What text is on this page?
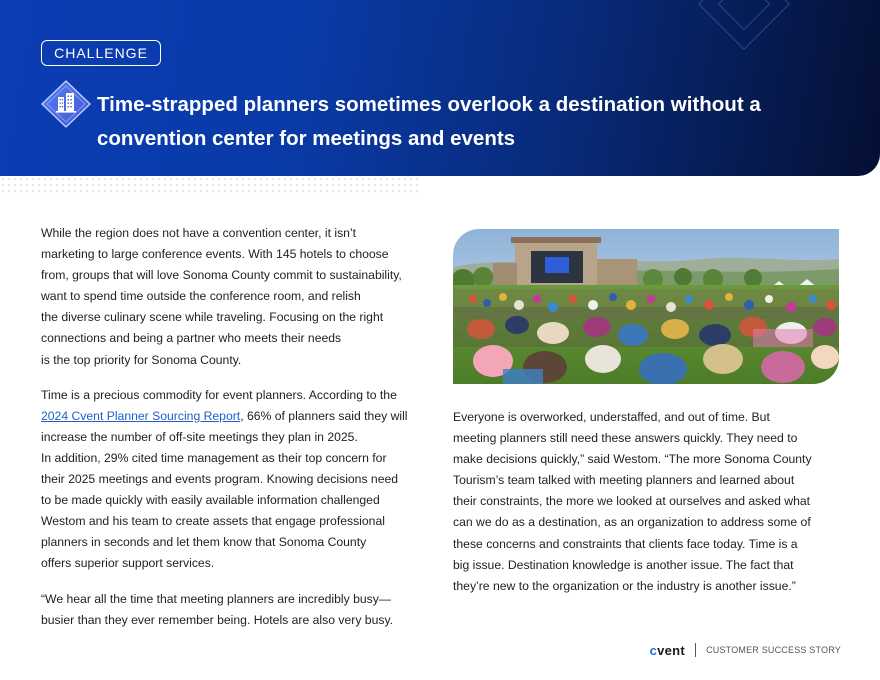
CHALLENGE
Time-strapped planners sometimes overlook a destination without a convention center for meetings and events

While the region does not have a convention center, it isn’t
marketing to large conference events. With 145 hotels to choose
from, groups that will love Sonoma County commit to sustainability,
want to spend time outside the conference room, and relish
the diverse culinary scene while traveling. Focusing on the right
connections and being a partner who meets their needs
is the top priority for Sonoma County.

Time is a precious commodity for event planners. According to the
2024 Cvent Planner Sourcing Report, 66% of planners said they will
increase the number of off-site meetings they plan in 2025.
In addition, 29% cited time management as their top concern for
their 2025 meetings and events program. Knowing decisions need
to be made quickly with easily available information challenged
Westom and his team to create assets that engage professional
planners in seconds and let them know that Sonoma County
offers superior support services.

“We hear all the time that meeting planners are incredibly busy—
busier than they ever remember being. Hotels are also very busy.

Everyone is overworked, understaffed, and out of time. But
meeting planners still need these answers quickly. They need to
make decisions quickly,” said Westom. “The more Sonoma County
Tourism’s team talked with meeting planners and learned about
their constraints, the more we looked at ourselves and asked what
can we do as a destination, as an organization to address some of
these concerns and constraints that clients face today. Time is a
big issue. Destination knowledge is another issue. The fact that
they’re new to the organization or the industry is another issue.”

cvent CUSTOMER SUCCESS STORY
